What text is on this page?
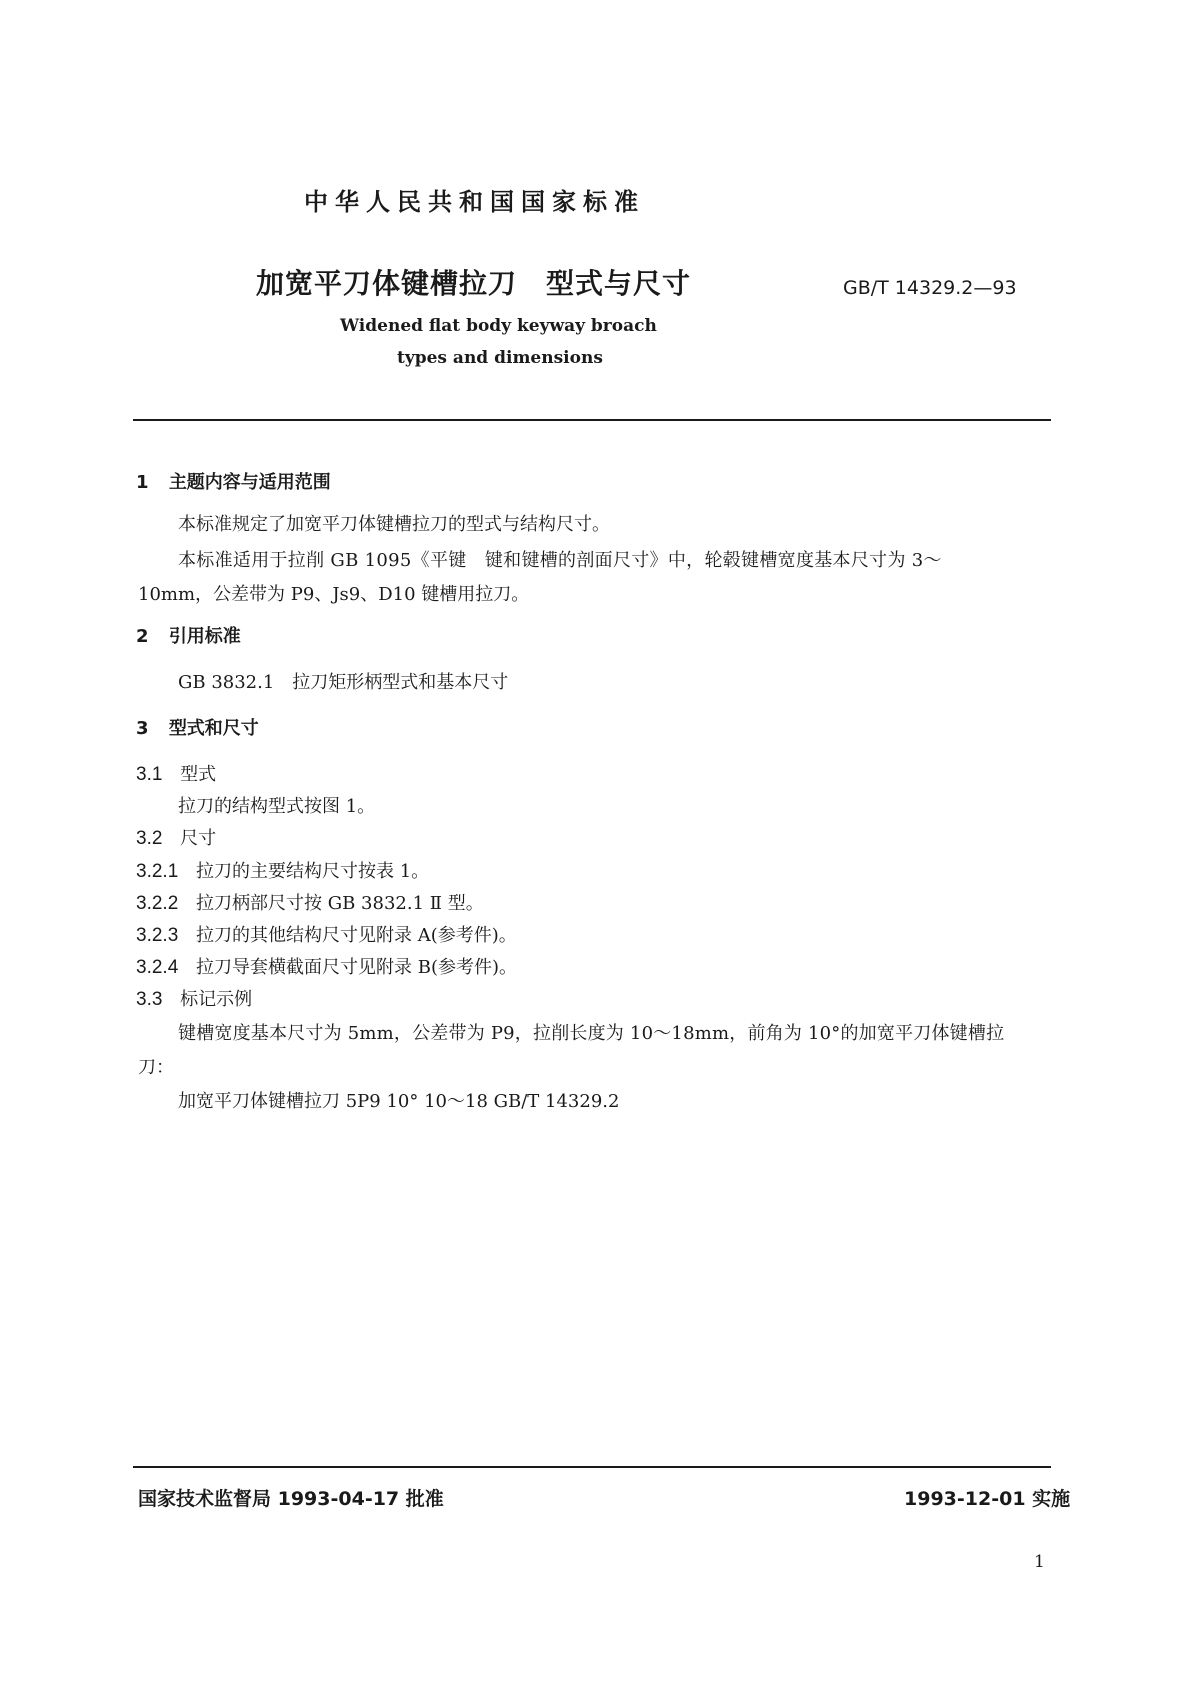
中华人民共和国国家标准
加宽平刀体键槽拉刀　型式与尺寸	GB/T 14329.2—93
Widened flat body keyway broach
types and dimensions
1 主题内容与适用范围
本标准规定了加宽平刀体键槽拉刀的型式与结构尺寸。
本标准适用于拉削 GB 1095《平键　键和键槽的剖面尺寸》中，轮毂键槽宽度基本尺寸为 3～
10mm，公差带为 P9、Js9、D10 键槽用拉刀。
2 引用标准
GB 3832.1　拉刀矩形柄型式和基本尺寸
3 型式和尺寸
3.1 型式
拉刀的结构型式按图 1。
3.2 尺寸
3.2.1 拉刀的主要结构尺寸按表 1。
3.2.2 拉刀柄部尺寸按 GB 3832.1 Ⅱ 型。
3.2.3 拉刀的其他结构尺寸见附录 A(参考件)。
3.2.4 拉刀导套横截面尺寸见附录 B(参考件)。
3.3 标记示例
键槽宽度基本尺寸为 5mm，公差带为 P9，拉削长度为 10～18mm，前角为 10°的加宽平刀体键槽拉
刀：
加宽平刀体键槽拉刀 5P9 10° 10～18 GB/T 14329.2
国家技术监督局 1993-04-17 批准	1993-12-01 实施
1
